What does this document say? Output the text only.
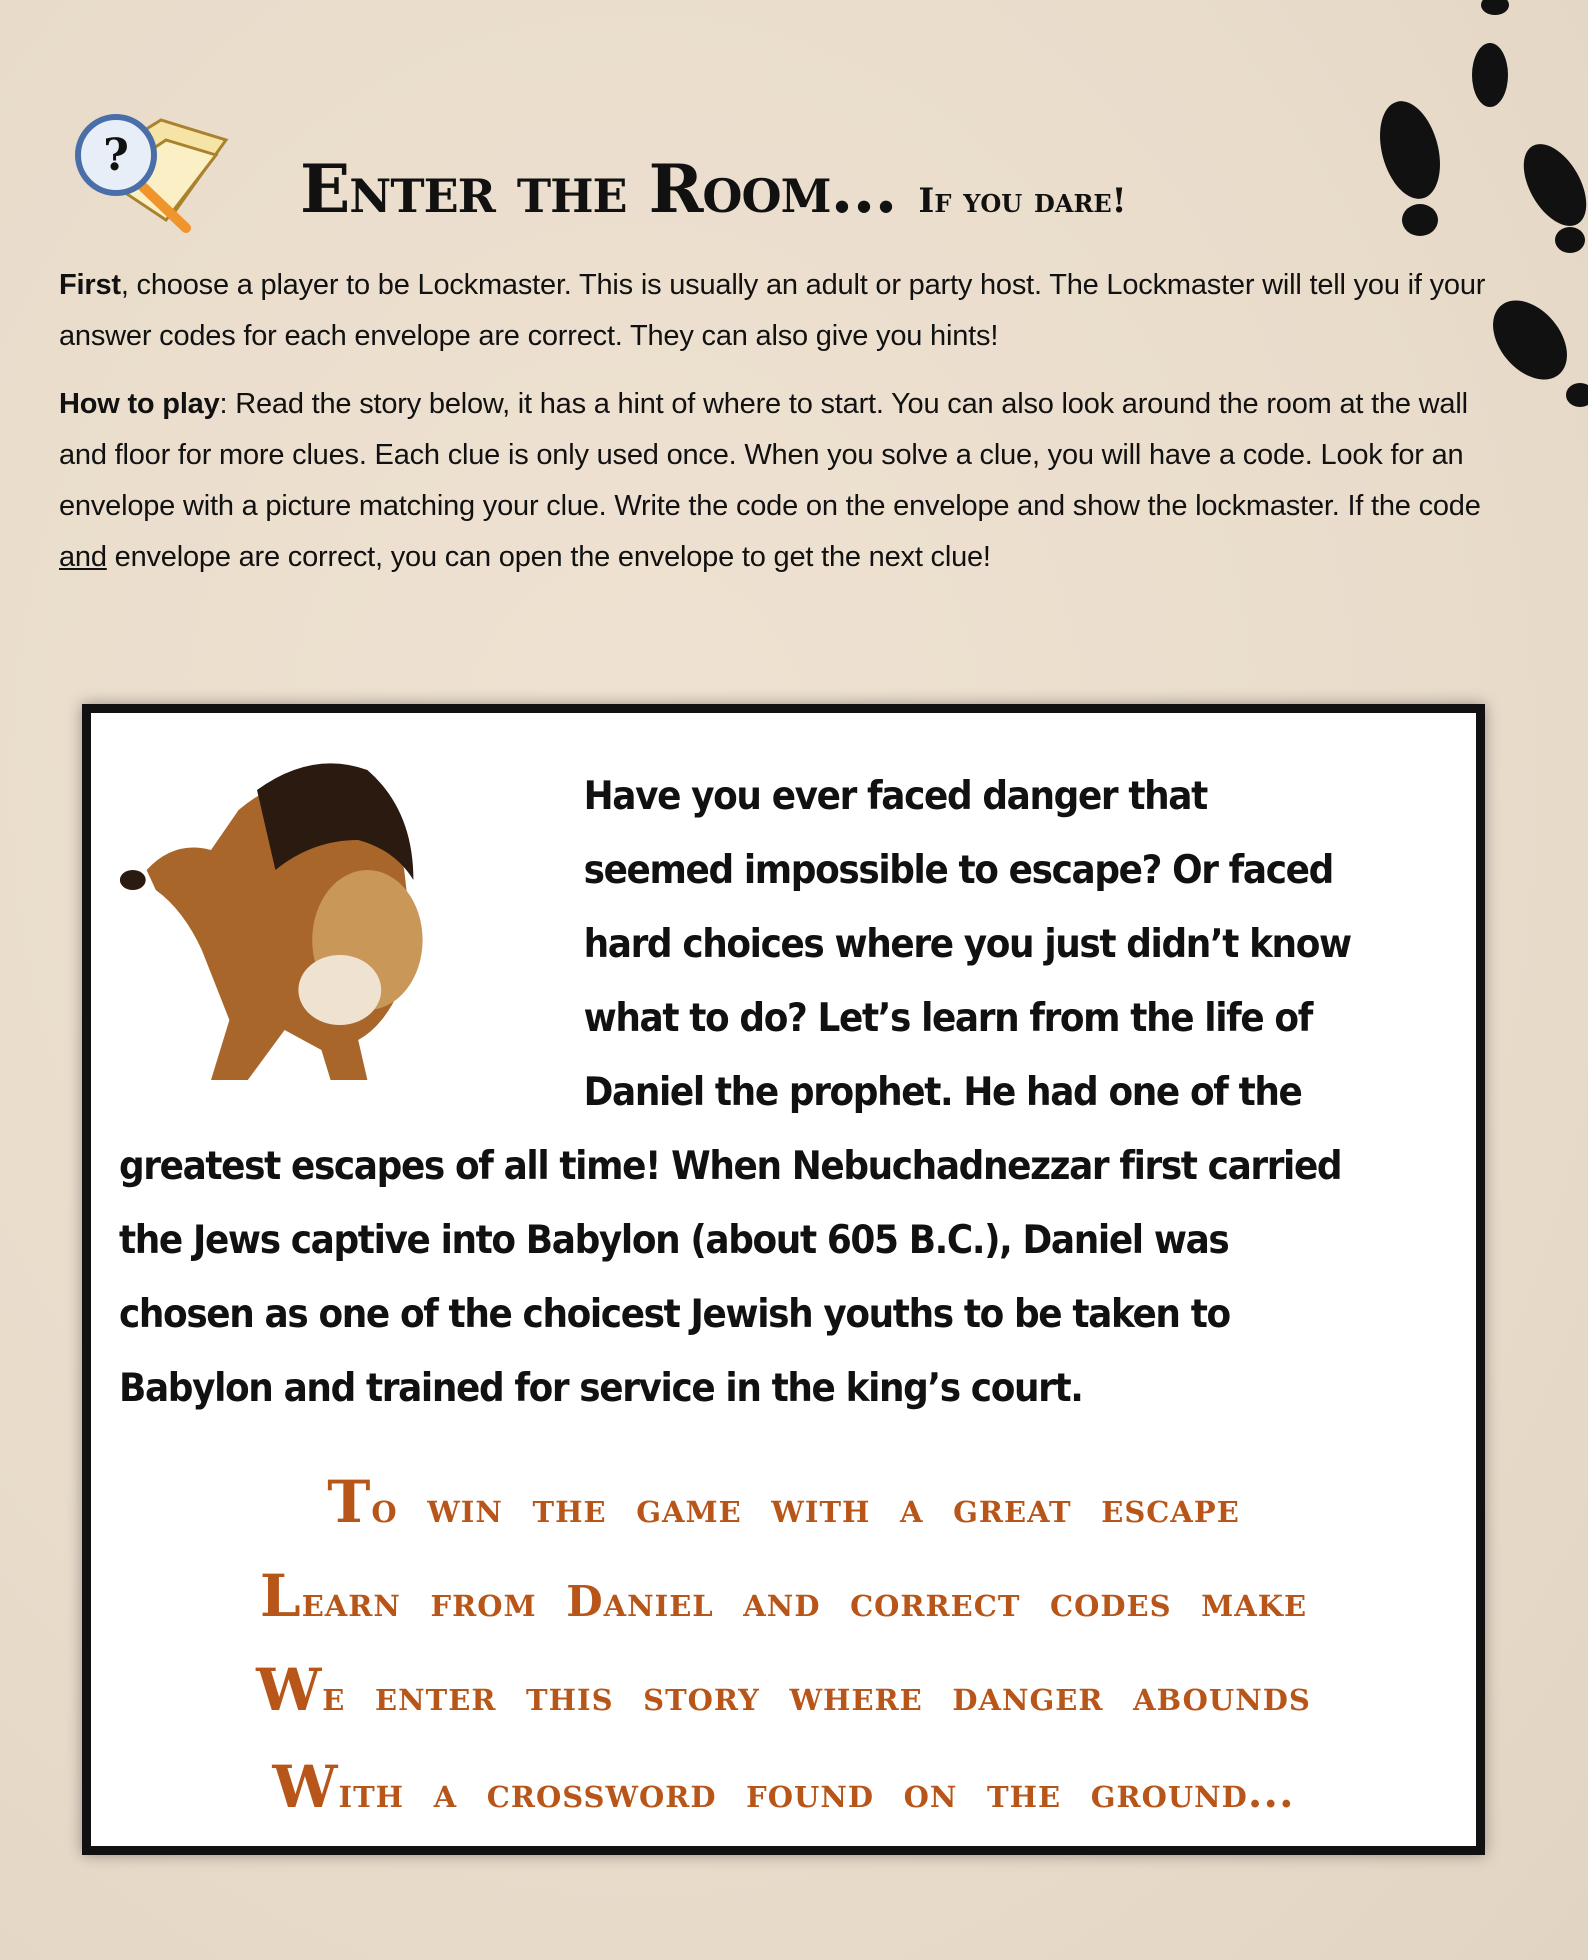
?	Enter the Room... If you dare!
First, choose a player to be Lockmaster. This is usually an adult or party host. The Lockmaster will tell you if your answer codes for each envelope are correct. They can also give you hints!
How to play: Read the story below, it has a hint of where to start. You can also look around the room at the wall and floor for more clues. Each clue is only used once. When you solve a clue, you will have a code. Look for an envelope with a picture matching your clue. Write the code on the envelope and show the lockmaster. If the code and envelope are correct, you can open the envelope to get the next clue!
Have you ever faced danger that seemed impossible to escape? Or faced hard choices where you just didn’t know what to do? Let’s learn from the life of Daniel the prophet. He had one of the greatest escapes of all time! When Nebuchadnezzar first carried the Jews captive into Babylon (about 605 B.C.), Daniel was chosen as one of the choicest Jewish youths to be taken to Babylon and trained for service in the king’s court.
To win the game with a great escape
Learn from Daniel and correct codes make
We enter this story where danger abounds
With a crossword found on the ground...
